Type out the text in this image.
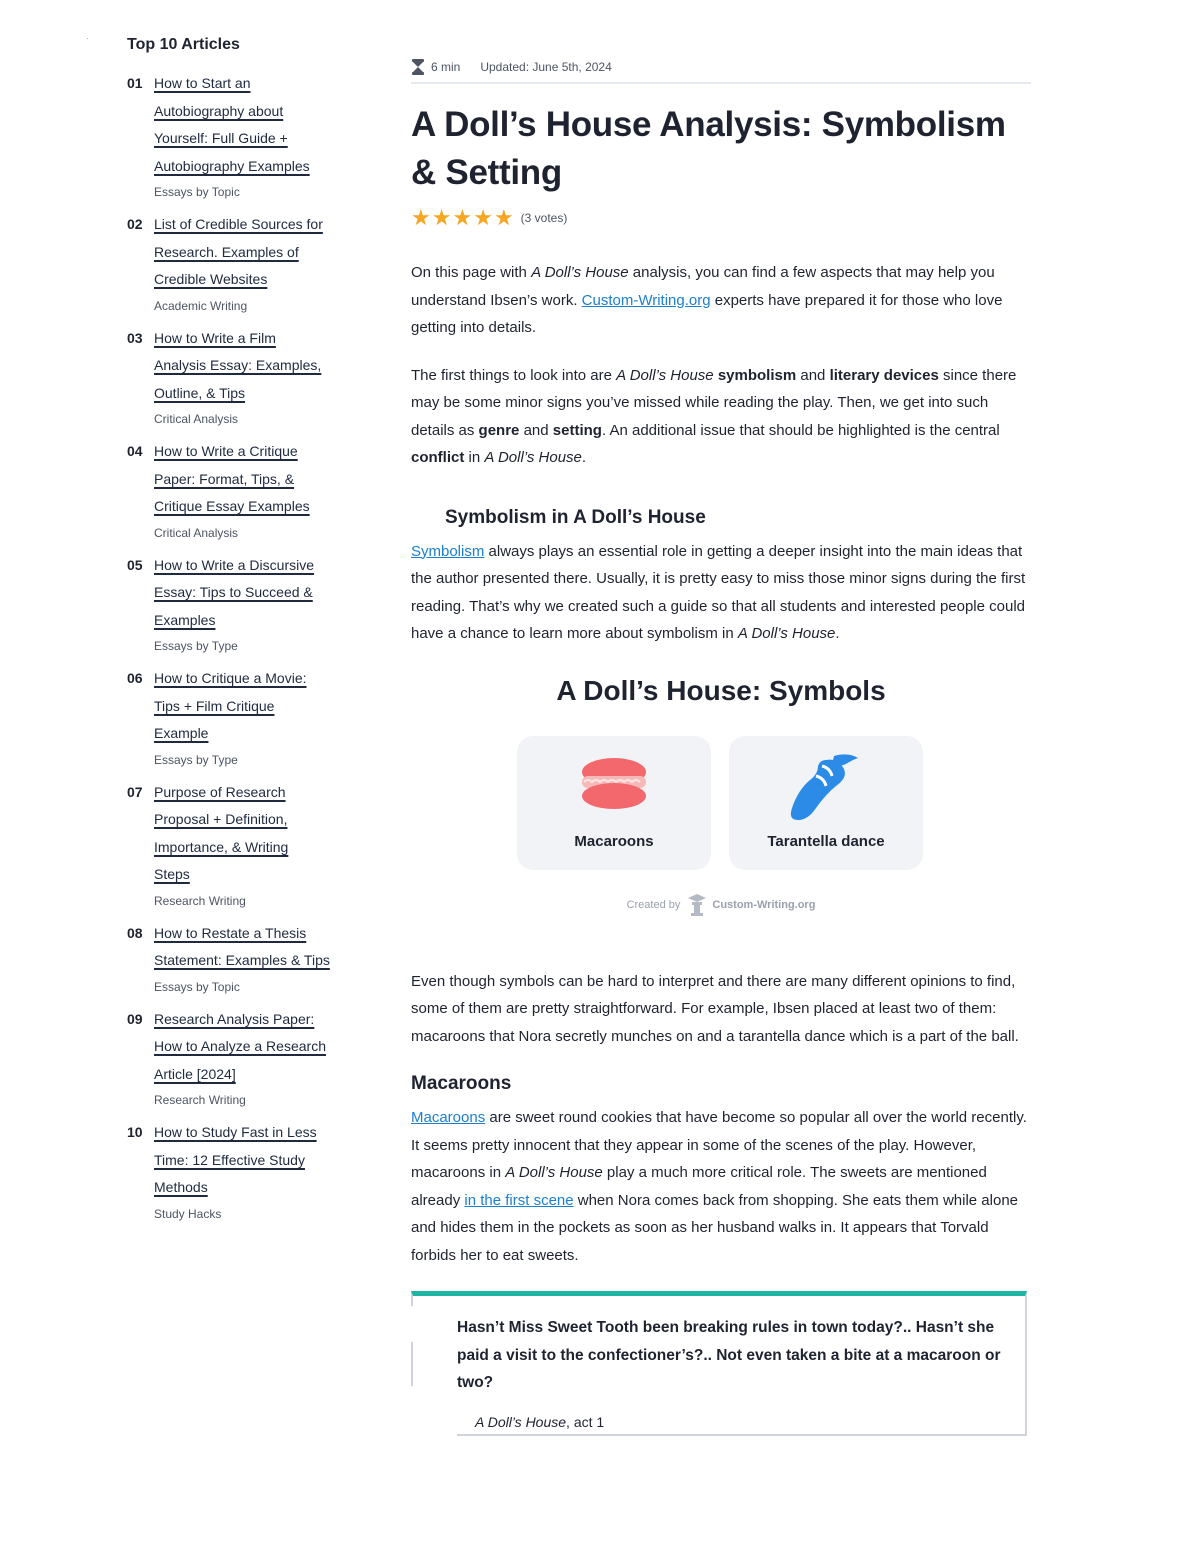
· Top 10 Articles
01 How to Start an
Autobiography about
Yourself: Full Guide +
Autobiography Examples
Essays by Topic
02 List of Credible Sources for
Research. Examples of
Credible Websites
Academic Writing
03 How to Write a Film
Analysis Essay: Examples,
Outline, & Tips
Critical Analysis
04 How to Write a Critique
Paper: Format, Tips, &
Critique Essay Examples
Critical Analysis
05 How to Write a Discursive
Essay: Tips to Succeed &
Examples
Essays by Type
06 How to Critique a Movie:
Tips + Film Critique
Example
Essays by Type
07 Purpose of Research
Proposal + Definition,
Importance, & Writing
Steps
Research Writing
08 How to Restate a Thesis
Statement: Examples & Tips
Essays by Topic
09 Research Analysis Paper:
How to Analyze a Research
Article [2024]
Research Writing
10 How to Study Fast in Less
Time: 12 Effective Study
Methods
Study Hacks
6 min Updated: June 5th, 2024
A Doll’s House Analysis: Symbolism
& Setting
★★★★★ (3 votes)

On this page with A Doll’s House analysis, you can find a few aspects that may help you understand Ibsen’s work. Custom-Writing.org experts have prepared it for those who love getting into details.

The first things to look into are A Doll’s House symbolism and literary devices since there may be some minor signs you’ve missed while reading the play. Then, we get into such details as genre and setting. An additional issue that should be highlighted is the central conflict in A Doll’s House.

Symbolism in A Doll’s House

Symbolism always plays an essential role in getting a deeper insight into the main ideas that the author presented there. Usually, it is pretty easy to miss those minor signs during the first reading. That’s why we created such a guide so that all students and interested people could have a chance to learn more about symbolism in A Doll’s House.

A Doll’s House: Symbols
Macaroons	Tarantella dance
Created by	Custom-Writing.org

Even though symbols can be hard to interpret and there are many different opinions to find, some of them are pretty straightforward. For example, Ibsen placed at least two of them: macaroons that Nora secretly munches on and a tarantella dance which is a part of the ball.

Macaroons

Macaroons are sweet round cookies that have become so popular all over the world recently. It seems pretty innocent that they appear in some of the scenes of the play. However, macaroons in A Doll’s House play a much more critical role. The sweets are mentioned already in the first scene when Nora comes back from shopping. She eats them while alone and hides them in the pockets as soon as her husband walks in. It appears that Torvald forbids her to eat sweets.

Hasn’t Miss Sweet Tooth been breaking rules in town today?.. Hasn’t she paid a visit to the confectioner’s?.. Not even taken a bite at a macaroon or two?
A Doll’s House, act 1
